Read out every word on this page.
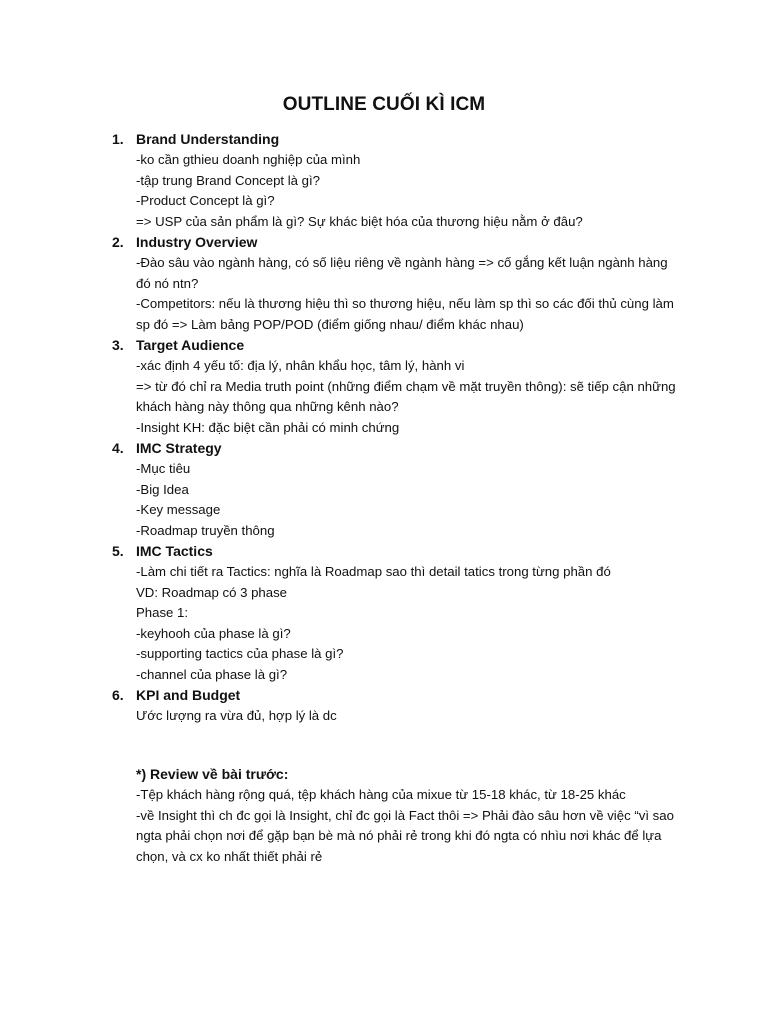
OUTLINE CUỐI KÌ ICM
1. Brand Understanding
-ko cần gthieu doanh nghiệp của mình
-tập trung Brand Concept là gì?
-Product Concept là gì?
=> USP của sản phẩm là gì? Sự khác biệt hóa của thương hiệu nằm ở đâu?
2. Industry Overview
-Đào sâu vào ngành hàng, có số liệu riêng về ngành hàng => cố gắng kết luận ngành hàng đó nó ntn?
-Competitors: nếu là thương hiệu thì so thương hiệu, nếu làm sp thì so các đối thủ cùng làm sp đó => Làm bảng POP/POD (điểm giống nhau/ điểm khác nhau)
3. Target Audience
-xác định 4 yếu tố: địa lý, nhân khẩu học, tâm lý, hành vi
=> từ đó chỉ ra Media truth point (những điểm chạm về mặt truyền thông): sẽ tiếp cận những khách hàng này thông qua những kênh nào?
-Insight KH: đặc biệt cần phải có minh chứng
4. IMC Strategy
-Mục tiêu
-Big Idea
-Key message
-Roadmap truyền thông
5. IMC Tactics
-Làm chi tiết ra Tactics: nghĩa là Roadmap sao thì detail tatics trong từng phần đó
VD: Roadmap có 3 phase
Phase 1:
-keyhooh của phase là gì?
-supporting tactics của phase là gì?
-channel của phase là gì?
6. KPI and Budget
Ước lượng ra vừa đủ, hợp lý là dc
*) Review về bài trước:
-Tệp khách hàng rộng quá, tệp khách hàng của mixue từ 15-18 khác, từ 18-25 khác
-về Insight thì ch đc gọi là Insight, chỉ đc gọi là Fact thôi => Phải đào sâu hơn về việc “vì sao ngta phải chọn nơi để gặp bạn bè mà nó phải rẻ trong khi đó ngta có nhìu nơi khác để lựa chọn, và cx ko nhất thiết phải rẻ
